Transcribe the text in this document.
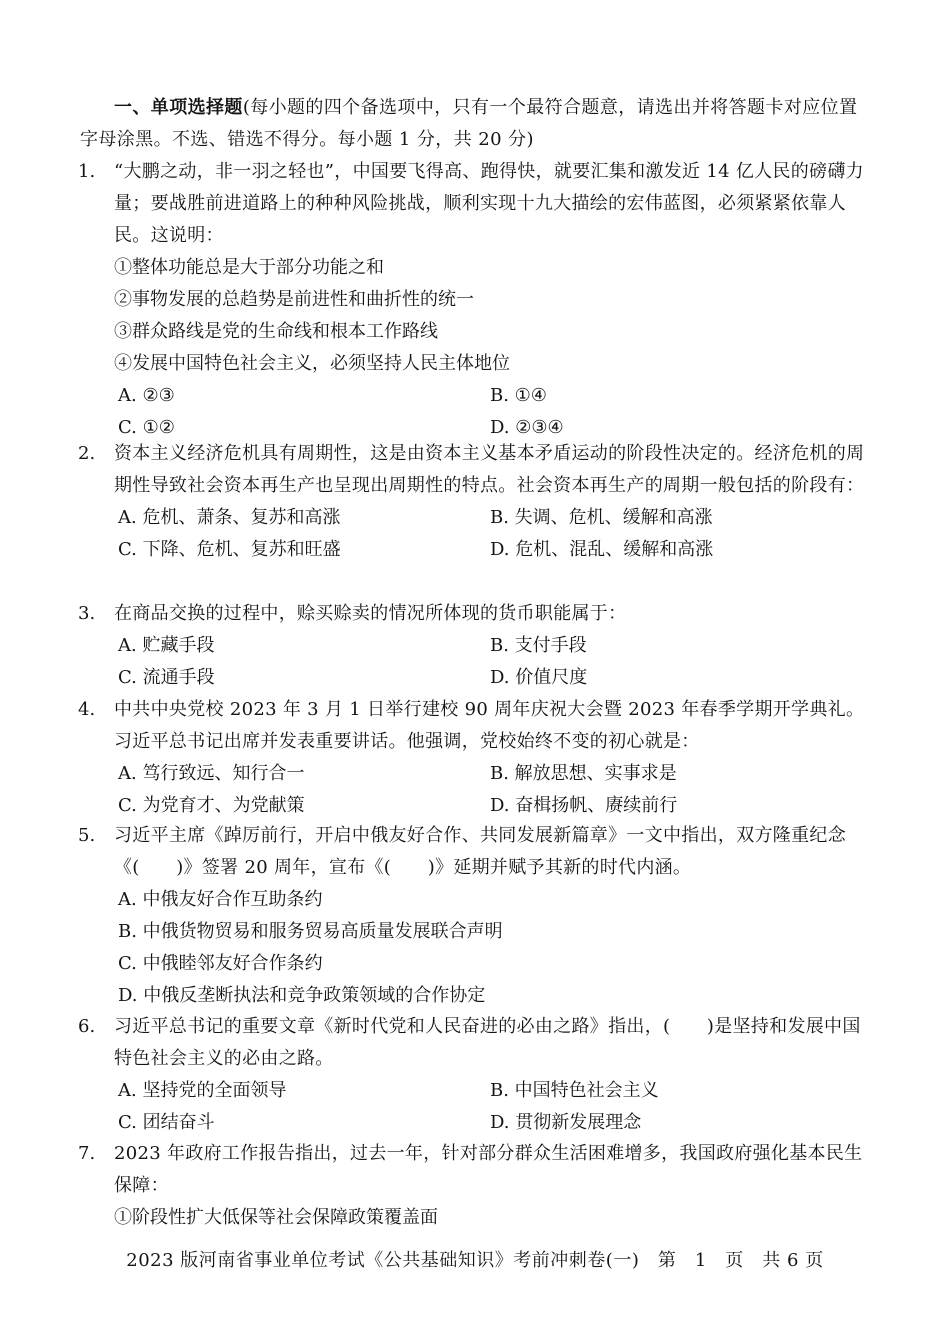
一、单项选择题(每小题的四个备选项中，只有一个最符合题意，请选出并将答题卡对应位置字母涂黑。不选、错选不得分。每小题 1 分，共 20 分)
1.	“大鹏之动，非一羽之轻也”，中国要飞得高、跑得快，就要汇集和激发近 14 亿人民的磅礴力量；要战胜前进道路上的种种风险挑战，顺利实现十九大描绘的宏伟蓝图，必须紧紧依靠人民。这说明：
①整体功能总是大于部分功能之和
②事物发展的总趋势是前进性和曲折性的统一
③群众路线是党的生命线和根本工作路线
④发展中国特色社会主义，必须坚持人民主体地位
A. ②③	B. ①④
C. ①②	D. ②③④
2.	资本主义经济危机具有周期性，这是由资本主义基本矛盾运动的阶段性决定的。经济危机的周期性导致社会资本再生产也呈现出周期性的特点。社会资本再生产的周期一般包括的阶段有：
A. 危机、萧条、复苏和高涨	B. 失调、危机、缓解和高涨
C. 下降、危机、复苏和旺盛	D. 危机、混乱、缓解和高涨
3.	在商品交换的过程中，赊买赊卖的情况所体现的货币职能属于：
A. 贮藏手段	B. 支付手段
C. 流通手段	D. 价值尺度
4.	中共中央党校 2023 年 3 月 1 日举行建校 90 周年庆祝大会暨 2023 年春季学期开学典礼。习近平总书记出席并发表重要讲话。他强调，党校始终不变的初心就是：
A. 笃行致远、知行合一	B. 解放思想、实事求是
C. 为党育才、为党献策	D. 奋楫扬帆、赓续前行
5.	习近平主席《踔厉前行，开启中俄友好合作、共同发展新篇章》一文中指出，双方隆重纪念《(　　)》签署 20 周年，宣布《(　　)》延期并赋予其新的时代内涵。
A. 中俄友好合作互助条约
B. 中俄货物贸易和服务贸易高质量发展联合声明
C. 中俄睦邻友好合作条约
D. 中俄反垄断执法和竞争政策领域的合作协定
6.	习近平总书记的重要文章《新时代党和人民奋进的必由之路》指出，(　　)是坚持和发展中国特色社会主义的必由之路。
A. 坚持党的全面领导	B. 中国特色社会主义
C. 团结奋斗	D. 贯彻新发展理念
7.	2023 年政府工作报告指出，过去一年，针对部分群众生活困难增多，我国政府强化基本民生保障：
①阶段性扩大低保等社会保障政策覆盖面
2023 版河南省事业单位考试《公共基础知识》考前冲刺卷(一)　第　1　页　共 6 页
